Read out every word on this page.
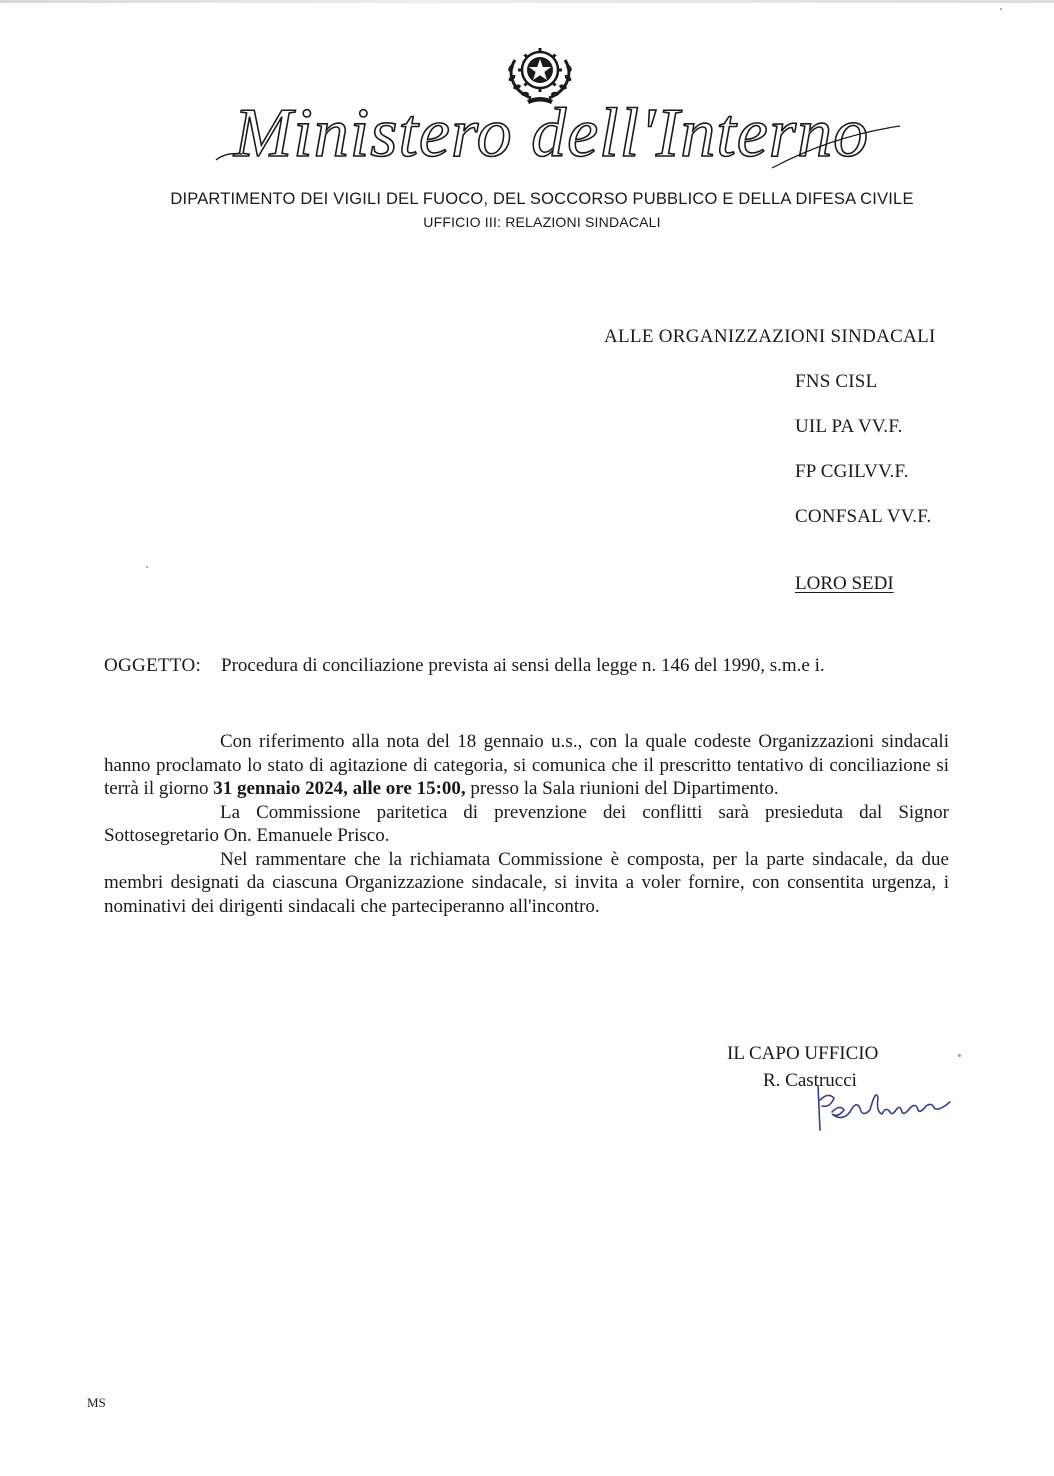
Ministero dell'Interno
DIPARTIMENTO DEI VIGILI DEL FUOCO, DEL SOCCORSO PUBBLICO E DELLA DIFESA CIVILE
UFFICIO III: RELAZIONI SINDACALI
ALLE ORGANIZZAZIONI SINDACALI
FNS CISL
UIL PA VV.F.
FP CGILVV.F.
CONFSAL VV.F.
LORO SEDI
OGGETTO: Procedura di conciliazione prevista ai sensi della legge n. 146 del 1990, s.m.e i.

Con riferimento alla nota del 18 gennaio u.s., con la quale codeste Organizzazioni sindacali hanno proclamato lo stato di agitazione di categoria, si comunica che il prescritto tentativo di conciliazione si terrà il giorno 31 gennaio 2024, alle ore 15:00, presso la Sala riunioni del Dipartimento.

La Commissione paritetica di prevenzione dei conflitti sarà presieduta dal Signor Sottosegretario On. Emanuele Prisco.

Nel rammentare che la richiamata Commissione è composta, per la parte sindacale, da due membri designati da ciascuna Organizzazione sindacale, si invita a voler fornire, con consentita urgenza, i nominativi dei dirigenti sindacali che parteciperanno all'incontro.

IL CAPO UFFICIO
R. Castrucci
MS
